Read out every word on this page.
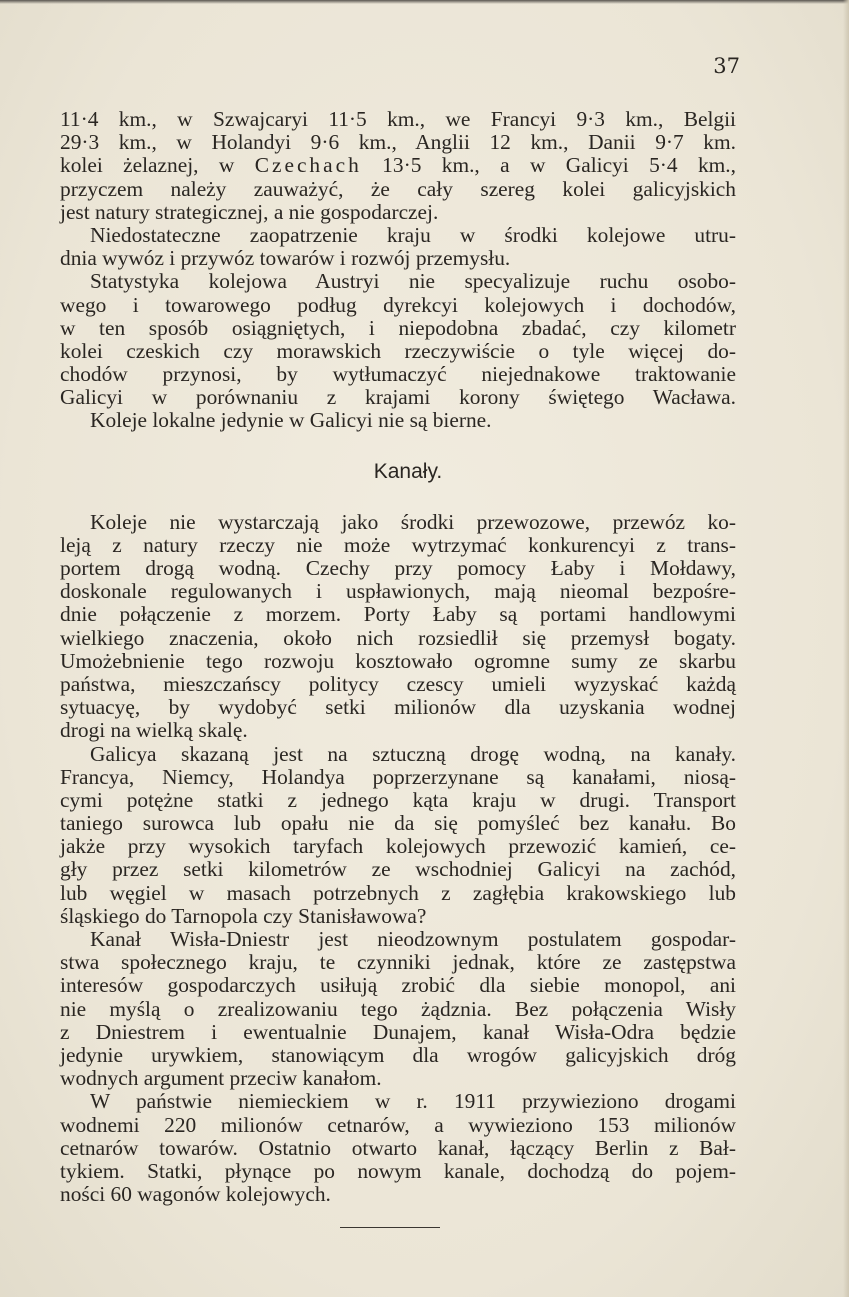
37
11·4 km., w Szwajcaryi 11·5 km., we Francyi 9·3 km., Belgii
29·3 km., w Holandyi 9·6 km., Anglii 12 km., Danii 9·7 km.
kolei żelaznej, w Czechach 13·5 km., a w Galicyi 5·4 km.,
przyczem należy zauważyć, że cały szereg kolei galicyjskich
jest natury strategicznej, a nie gospodarczej.
Niedostateczne zaopatrzenie kraju w środki kolejowe utru-
dnia wywóz i przywóz towarów i rozwój przemysłu.
Statystyka kolejowa Austryi nie specyalizuje ruchu osobo-
wego i towarowego podług dyrekcyi kolejowych i dochodów,
w ten sposób osiągniętych, i niepodobna zbadać, czy kilometr
kolei czeskich czy morawskich rzeczywiście o tyle więcej do-
chodów przynosi, by wytłumaczyć niejednakowe traktowanie
Galicyi w porównaniu z krajami korony świętego Wacława.
Koleje lokalne jedynie w Galicyi nie są bierne.
Kanały.
Koleje nie wystarczają jako środki przewozowe, przewóz ko-
leją z natury rzeczy nie może wytrzymać konkurencyi z trans-
portem drogą wodną. Czechy przy pomocy Łaby i Mołdawy,
doskonale regulowanych i uspławionych, mają nieomal bezpośre-
dnie połączenie z morzem. Porty Łaby są portami handlowymi
wielkiego znaczenia, około nich rozsiedlił się przemysł bogaty.
Umożebnienie tego rozwoju kosztowało ogromne sumy ze skarbu
państwa, mieszczańscy politycy czescy umieli wyzyskać każdą
sytuacyę, by wydobyć setki milionów dla uzyskania wodnej
drogi na wielką skalę.
Galicya skazaną jest na sztuczną drogę wodną, na kanały.
Francya, Niemcy, Holandya poprzerzynane są kanałami, niosą-
cymi potężne statki z jednego kąta kraju w drugi. Transport
taniego surowca lub opału nie da się pomyśleć bez kanału. Bo
jakże przy wysokich taryfach kolejowych przewozić kamień, ce-
gły przez setki kilometrów ze wschodniej Galicyi na zachód,
lub węgiel w masach potrzebnych z zagłębia krakowskiego lub
śląskiego do Tarnopola czy Stanisławowa?
Kanał Wisła-Dniestr jest nieodzownym postulatem gospodar-
stwa społecznego kraju, te czynniki jednak, które ze zastępstwa
interesów gospodarczych usiłują zrobić dla siebie monopol, ani
nie myślą o zrealizowaniu tego żądznia. Bez połączenia Wisły
z Dniestrem i ewentualnie Dunajem, kanał Wisła-Odra będzie
jedynie urywkiem, stanowiącym dla wrogów galicyjskich dróg
wodnych argument przeciw kanałom.
W państwie niemieckiem w r. 1911 przywieziono drogami
wodnemi 220 milionów cetnarów, a wywieziono 153 milionów
cetnarów towarów. Ostatnio otwarto kanał, łączący Berlin z Bał-
tykiem. Statki, płynące po nowym kanale, dochodzą do pojem-
ności 60 wagonów kolejowych.
